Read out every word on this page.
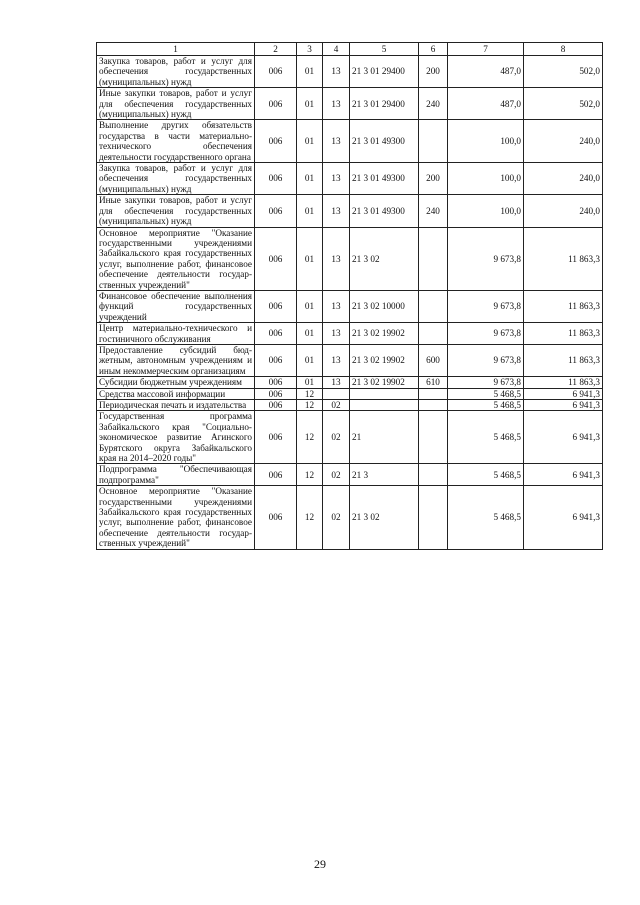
1	2	3	4	5	6	7	8
Закупка товаров, работ и услуг для обеспечения государственных (муниципальных) нужд	006	01	13	21 3 01 29400	200	487,0	502,0
Иные закупки товаров, работ и услуг для обеспечения государственных (муниципальных) нужд	006	01	13	21 3 01 29400	240	487,0	502,0
Выполнение других обязательств государства в части материально-технического обеспечения деятельности государственного органа	006	01	13	21 3 01 49300		100,0	240,0
Закупка товаров, работ и услуг для обеспечения государственных (муниципальных) нужд	006	01	13	21 3 01 49300	200	100,0	240,0
Иные закупки товаров, работ и услуг для обеспечения государственных (муниципальных) нужд	006	01	13	21 3 01 49300	240	100,0	240,0
Основное мероприятие "Оказание государственными учреждениями Забайкальского края государственных услуг, выполнение работ, финансовое обеспечение деятельности государственных учреждений"	006	01	13	21 3 02		9 673,8	11 863,3
Финансовое обеспечение выполнения функций государственных учреждений	006	01	13	21 3 02 10000		9 673,8	11 863,3
Центр материально-технического и гостиничного обслуживания	006	01	13	21 3 02 19902		9 673,8	11 863,3
Предоставление субсидий бюджетным, автономным учреждениям и иным некоммерческим организациям	006	01	13	21 3 02 19902	600	9 673,8	11 863,3
Субсидии бюджетным учреждениям	006	01	13	21 3 02 19902	610	9 673,8	11 863,3
Средства массовой информации	006	12				5 468,5	6 941,3
Периодическая печать и издательства	006	12	02			5 468,5	6 941,3
Государственная программа Забайкальского края "Социально-экономическое развитие Агинского Бурятского округа Забайкальского края на 2014–2020 годы"	006	12	02	21		5 468,5	6 941,3
Подпрограмма "Обеспечивающая подпрограмма"	006	12	02	21 3		5 468,5	6 941,3
Основное мероприятие "Оказание государственными учреждениями Забайкальского края государственных услуг, выполнение работ, финансовое обеспечение деятельности государственных учреждений"	006	12	02	21 3 02		5 468,5	6 941,3
29
